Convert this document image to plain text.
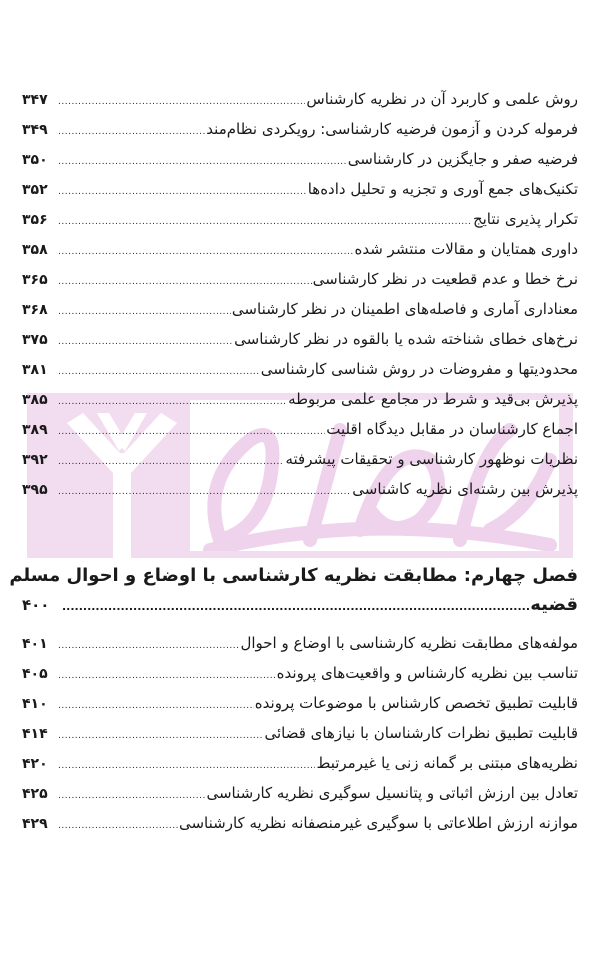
روش علمی و کاربرد آن در نظریه کارشناس
.....
۳۴۷
فرموله کردن و آزمون فرضیه کارشناسی: رویکردی نظام‌مند
.....
۳۴۹
فرضیه صفر و جایگزین در کارشناسی
.....
۳۵۰
تکنیک‌های جمع آوری و تجزیه و تحلیل داده‌ها
.....
۳۵۲
تکرار پذیری نتایج
.....
۳۵۶
داوری همتایان و مقالات منتشر شده
.....
۳۵۸
نرخ خطا و عدم قطعیت در نظر کارشناسی
.....
۳۶۵
معناداری آماری و فاصله‌های اطمینان در نظر کارشناسی
.....
۳۶۸
نرخ‌های خطای شناخته شده یا بالقوه در نظر کارشناسی
.....
۳۷۵
محدودیتها و مفروضات در روش شناسی کارشناسی
.....
۳۸۱
پذیرش بی‌قید و شرط در مجامع علمی مربوطه
.....
۳۸۵
اجماع کارشناسان در مقابل دیدگاه اقلیت
.....
۳۸۹
نظریات نوظهور کارشناسی و تحقیقات پیشرفته
.....
۳۹۲
پذیرش بین رشته‌ای نظریه کاشناسی
.....
۳۹۵
فصل چهارم: مطابقت نظریه کارشناسی با اوضاع و احوال مسلم
قضیه
.....
۴۰۰
مولفه‌های مطابقت نظریه کارشناسی با اوضاع و احوال
.....
۴۰۱
تناسب بین نظریه کارشناس و واقعیت‌های پرونده
.....
۴۰۵
قابلیت تطبیق تخصص کارشناس با موضوعات پرونده
.....
۴۱۰
قابلیت تطبیق نظرات کارشناسان با نیازهای قضائی
.....
۴۱۴
نظریه‌های مبتنی بر گمانه زنی یا غیرمرتبط
.....
۴۲۰
تعادل بین ارزش اثباتی و پتانسیل سوگیری نظریه کارشناسی
.....
۴۲۵
موازنه ارزش اطلاعاتی با سوگیری غیرمنصفانه نظریه کارشناسی
.....
۴۲۹
